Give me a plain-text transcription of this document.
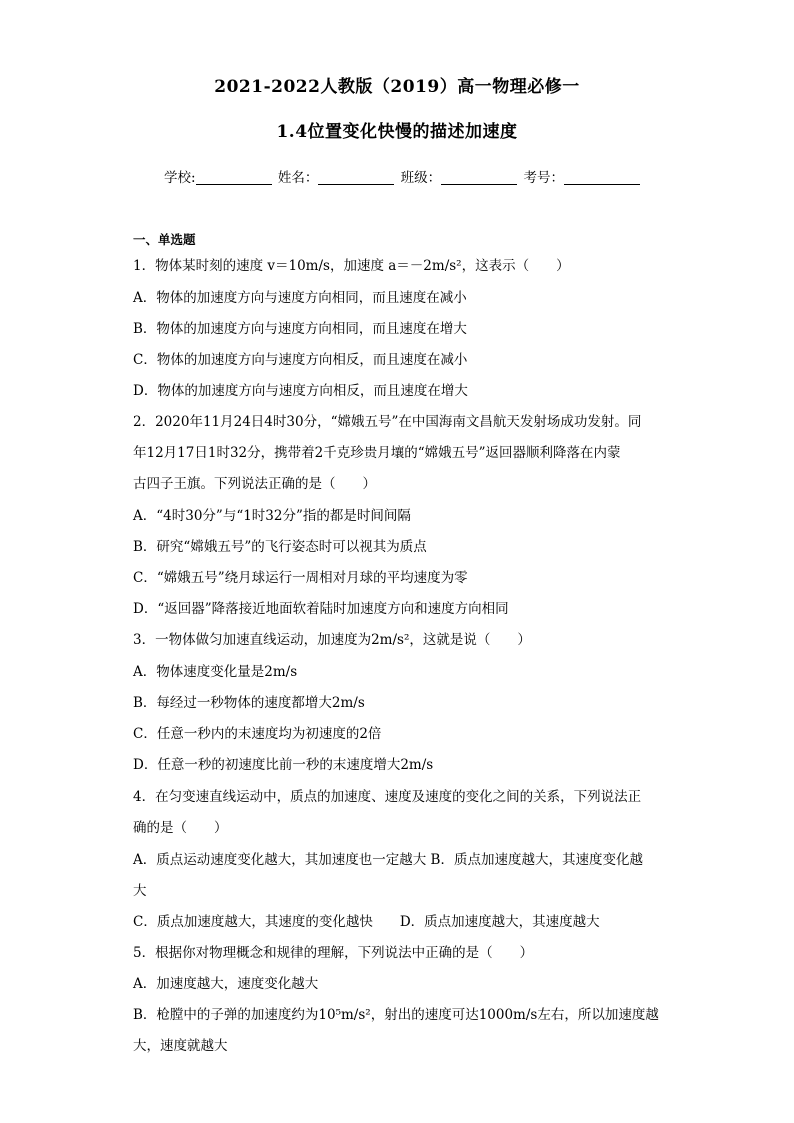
2021-2022人教版（2019）高一物理必修一
1.4位置变化快慢的描述加速度
学校:	姓名：	班级：	考号：
一、单选题
1．物体某时刻的速度 v＝10m/s，加速度 a＝－2m/s²，这表示（　　）
A．物体的加速度方向与速度方向相同，而且速度在减小
B．物体的加速度方向与速度方向相同，而且速度在增大
C．物体的加速度方向与速度方向相反，而且速度在减小
D．物体的加速度方向与速度方向相反，而且速度在增大
2．2020年11月24日4时30分，“嫦娥五号”在中国海南文昌航天发射场成功发射。同
年12月17日1时32分，携带着2千克珍贵月壤的“嫦娥五号”返回器顺利降落在内蒙
古四子王旗。下列说法正确的是（　　）
A．“4时30分”与“1时32分”指的都是时间间隔
B．研究“嫦娥五号”的飞行姿态时可以视其为质点
C．“嫦娥五号”绕月球运行一周相对月球的平均速度为零
D．“返回器”降落接近地面软着陆时加速度方向和速度方向相同
3．一物体做匀加速直线运动，加速度为2m/s²，这就是说（　　）
A．物体速度变化量是2m/s
B．每经过一秒物体的速度都增大2m/s
C．任意一秒内的末速度均为初速度的2倍
D．任意一秒的初速度比前一秒的末速度增大2m/s
4．在匀变速直线运动中，质点的加速度、速度及速度的变化之间的关系，下列说法正
确的是（　　）
A．质点运动速度变化越大，其加速度也一定越大 B．质点加速度越大，其速度变化越
大
C．质点加速度越大，其速度的变化越快　　D．质点加速度越大，其速度越大
5．根据你对物理概念和规律的理解，下列说法中正确的是（　　）
A．加速度越大，速度变化越大
B．枪膛中的子弹的加速度约为10⁵m/s²，射出的速度可达1000m/s左右，所以加速度越
大，速度就越大
